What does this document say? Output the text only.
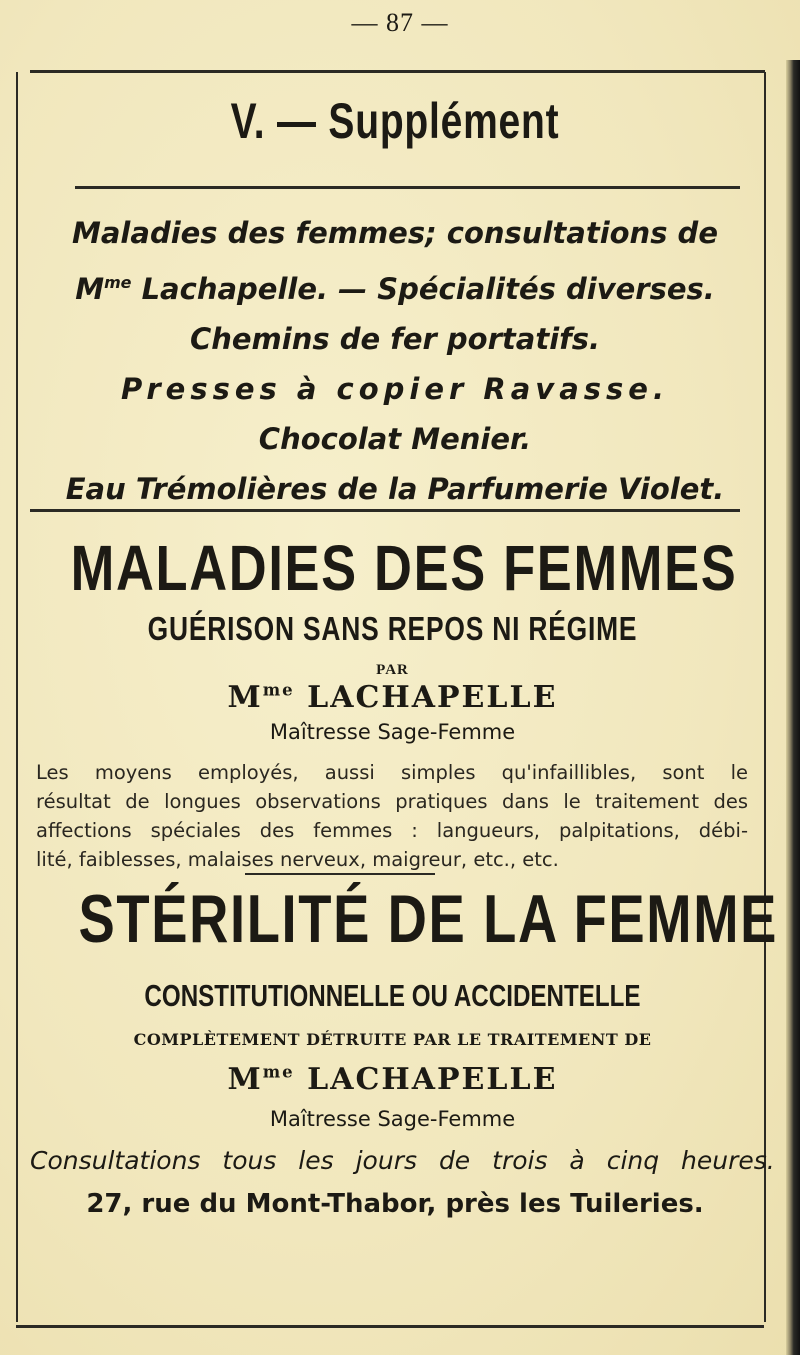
— 87 —
V. — Supplément
Maladies des femmes; consultations de
$M^{me}$ Lachapelle. — Spécialités diverses.
Chemins de fer portatifs.
Presses à copier Ravasse.
Chocolat Menier.
Eau Trémolières de la Parfumerie Violet.
MALADIES DES FEMMES
GUÉRISON SANS REPOS NI RÉGIME
PAR
$M^{me}$ LACHAPELLE
Maîtresse Sage-Femme
Les moyens employés, aussi simples qu'infaillibles, sont le
résultat de longues observations pratiques dans le traitement des
affections spéciales des femmes : langueurs, palpitations, débi-
lité, faiblesses, malaises nerveux, maigreur, etc., etc.
STÉRILITÉ DE LA FEMME
CONSTITUTIONNELLE OU ACCIDENTELLE
COMPLÈTEMENT DÉTRUITE PAR LE TRAITEMENT DE
$M^{me}$ LACHAPELLE
Maîtresse Sage-Femme
Consultations tous les jours de trois à cinq heures.
27, rue du Mont-Thabor, près les Tuileries.
